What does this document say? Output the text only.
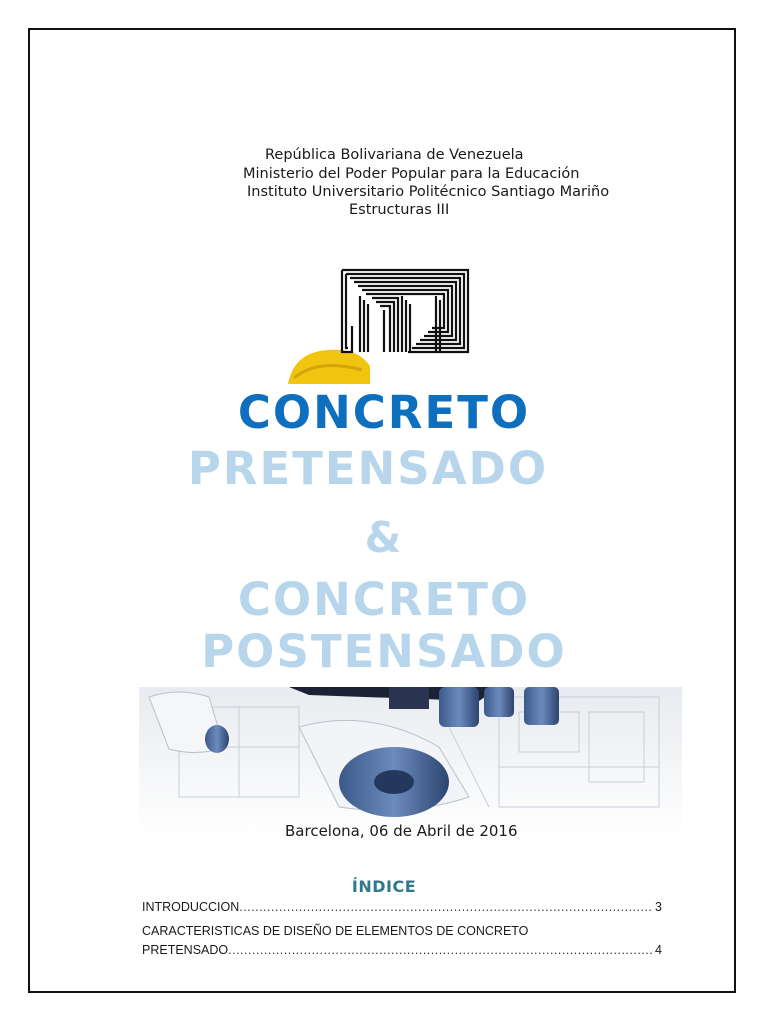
República Bolivariana de Venezuela
Ministerio del Poder Popular para la Educación
Instituto Universitario Politécnico Santiago Mariño
Estructuras III
CONCRETO
PRETENSADO
&
CONCRETO
POSTENSADO
Barcelona, 06 de Abril de 2016
ÍNDICE
INTRODUCCION .....	3
CARACTERISTICAS DE DISEÑO DE ELEMENTOS DE CONCRETO
PRETENSADO .....	4
